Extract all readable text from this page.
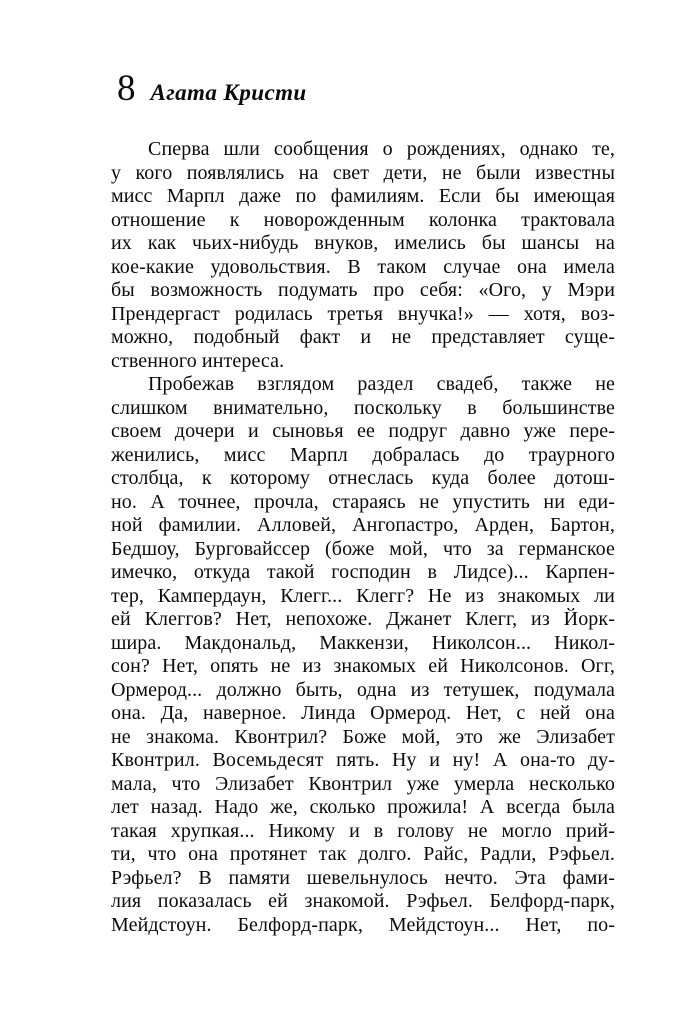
8 Агата Кристи
Сперва шли сообщения о рождениях, однако те,
у кого появлялись на свет дети, не были известны
мисс Марпл даже по фамилиям. Если бы имеющая
отношение к новорожденным колонка трактовала
их как чьих-нибудь внуков, имелись бы шансы на
кое-какие удовольствия. В таком случае она имела
бы возможность подумать про себя: «Ого, у Мэри
Прендергаст родилась третья внучка!» — хотя, воз-
можно, подобный факт и не представляет суще-
ственного интереса.
Пробежав взглядом раздел свадеб, также не
слишком внимательно, поскольку в большинстве
своем дочери и сыновья ее подруг давно уже пере-
женились, мисс Марпл добралась до траурного
столбца, к которому отнеслась куда более дотош-
но. А точнее, прочла, стараясь не упустить ни еди-
ной фамилии. Алловей, Ангопастро, Арден, Бартон,
Бедшоу, Бурговайссер (боже мой, что за германское
имечко, откуда такой господин в Лидсе)... Карпен-
тер, Кампердаун, Клегг... Клегг? Не из знакомых ли
ей Клеггов? Нет, непохоже. Джанет Клегг, из Йорк-
шира. Макдональд, Маккензи, Николсон... Никол-
сон? Нет, опять не из знакомых ей Николсонов. Огг,
Ормерод... должно быть, одна из тетушек, подумала
она. Да, наверное. Линда Ормерод. Нет, с ней она
не знакома. Квонтрил? Боже мой, это же Элизабет
Квонтрил. Восемьдесят пять. Ну и ну! А она-то ду-
мала, что Элизабет Квонтрил уже умерла несколько
лет назад. Надо же, сколько прожила! А всегда была
такая хрупкая... Никому и в голову не могло прий-
ти, что она протянет так долго. Райс, Радли, Рэфьел.
Рэфьел? В памяти шевельнулось нечто. Эта фами-
лия показалась ей знакомой. Рэфьел. Белфорд-парк,
Мейдстоун. Белфорд-парк, Мейдстоун... Нет, по-
